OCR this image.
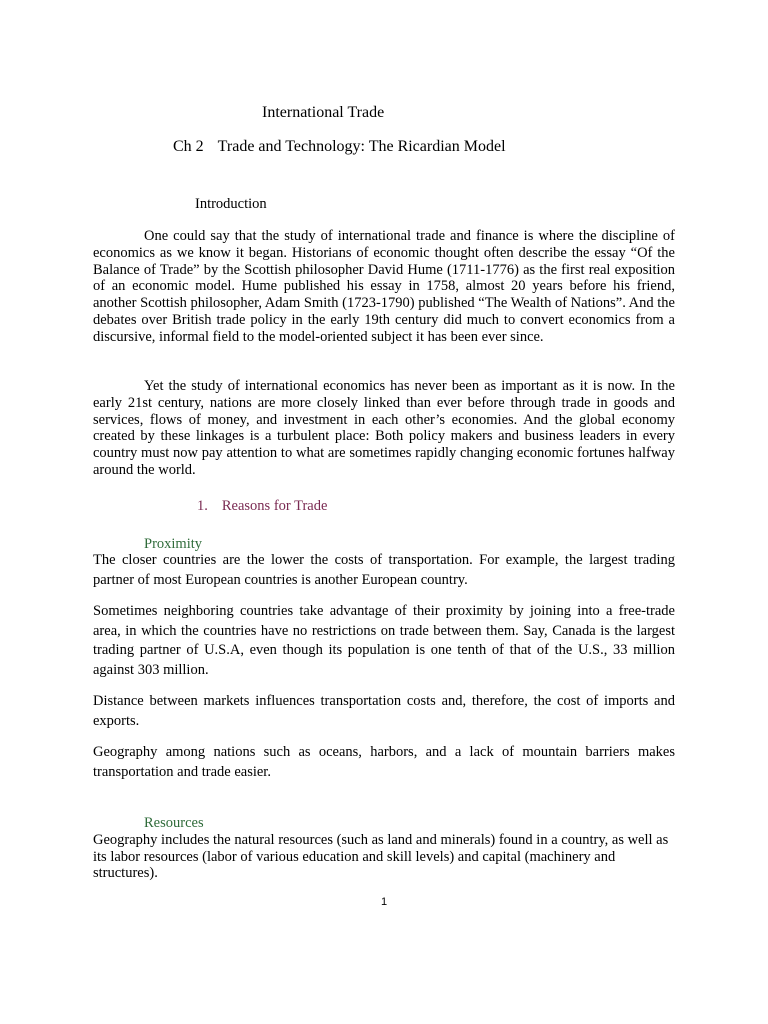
International Trade
Ch 2 Trade and Technology: The Ricardian Model
Introduction

One could say that the study of international trade and finance is where the discipline of economics as we know it began. Historians of economic thought often describe the essay “Of the Balance of Trade” by the Scottish philosopher David Hume (1711-1776) as the first real exposition of an economic model. Hume published his essay in 1758, almost 20 years before his friend, another Scottish philosopher, Adam Smith (1723-1790) published “The Wealth of Nations”. And the debates over British trade policy in the early 19th century did much to convert economics from a discursive, informal field to the model-oriented subject it has been ever since.

Yet the study of international economics has never been as important as it is now. In the early 21st century, nations are more closely linked than ever before through trade in goods and services, flows of money, and investment in each other’s economies. And the global economy created by these linkages is a turbulent place: Both policy makers and business leaders in every country must now pay attention to what are sometimes rapidly changing economic fortunes halfway around the world.

1. Reasons for Trade
Proximity

The closer countries are the lower the costs of transportation. For example, the largest trading partner of most European countries is another European country.

Sometimes neighboring countries take advantage of their proximity by joining into a free-trade area, in which the countries have no restrictions on trade between them. Say, Canada is the largest trading partner of U.S.A, even though its population is one tenth of that of the U.S., 33 million against 303 million.

Distance between markets influences transportation costs and, therefore, the cost of imports and exports.

Geography among nations such as oceans, harbors, and a lack of mountain barriers makes transportation and trade easier.

Resources

Geography includes the natural resources (such as land and minerals) found in a country, as well as its labor resources (labor of various education and skill levels) and capital (machinery and structures).

1
